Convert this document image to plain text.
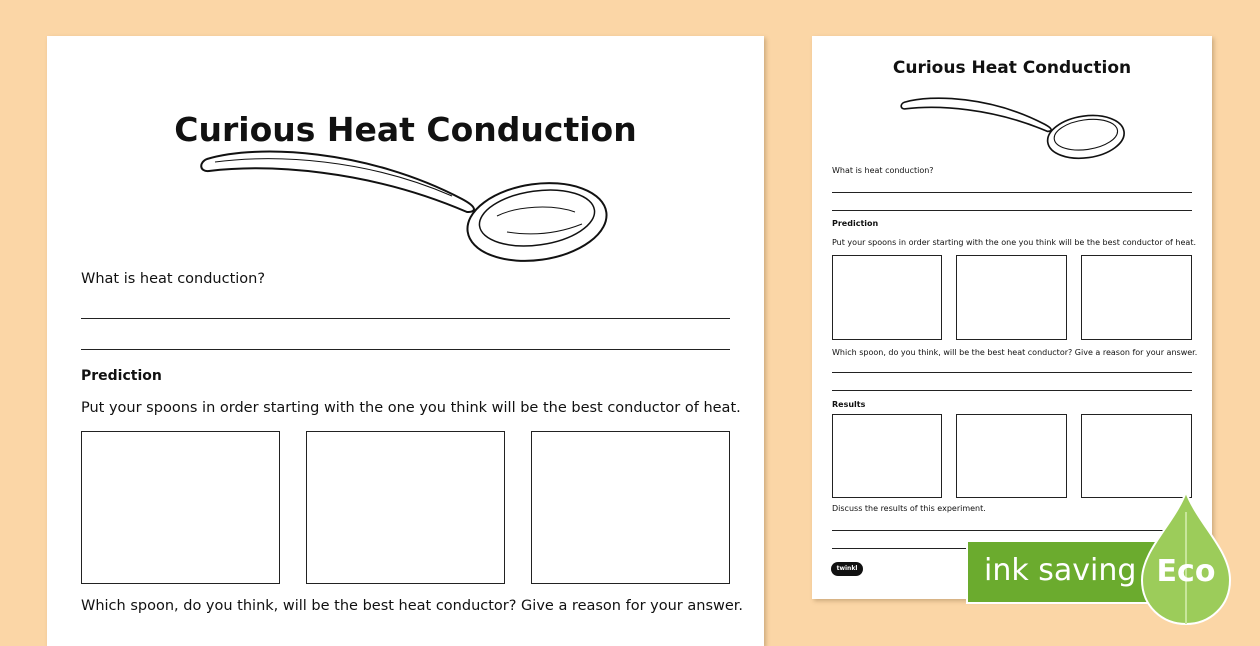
Curious Heat Conduction
What is heat conduction?
Prediction
Put your spoons in order starting with the one you think will be the best conductor of heat.
Which spoon, do you think, will be the best heat conductor? Give a reason for your answer.
Curious Heat Conduction
What is heat conduction?
Prediction
Put your spoons in order starting with the one you think will be the best conductor of heat.
Which spoon, do you think, will be the best heat conductor? Give a reason for your answer.
Results
Discuss the results of this experiment.
twinkl	ink saving Eco
